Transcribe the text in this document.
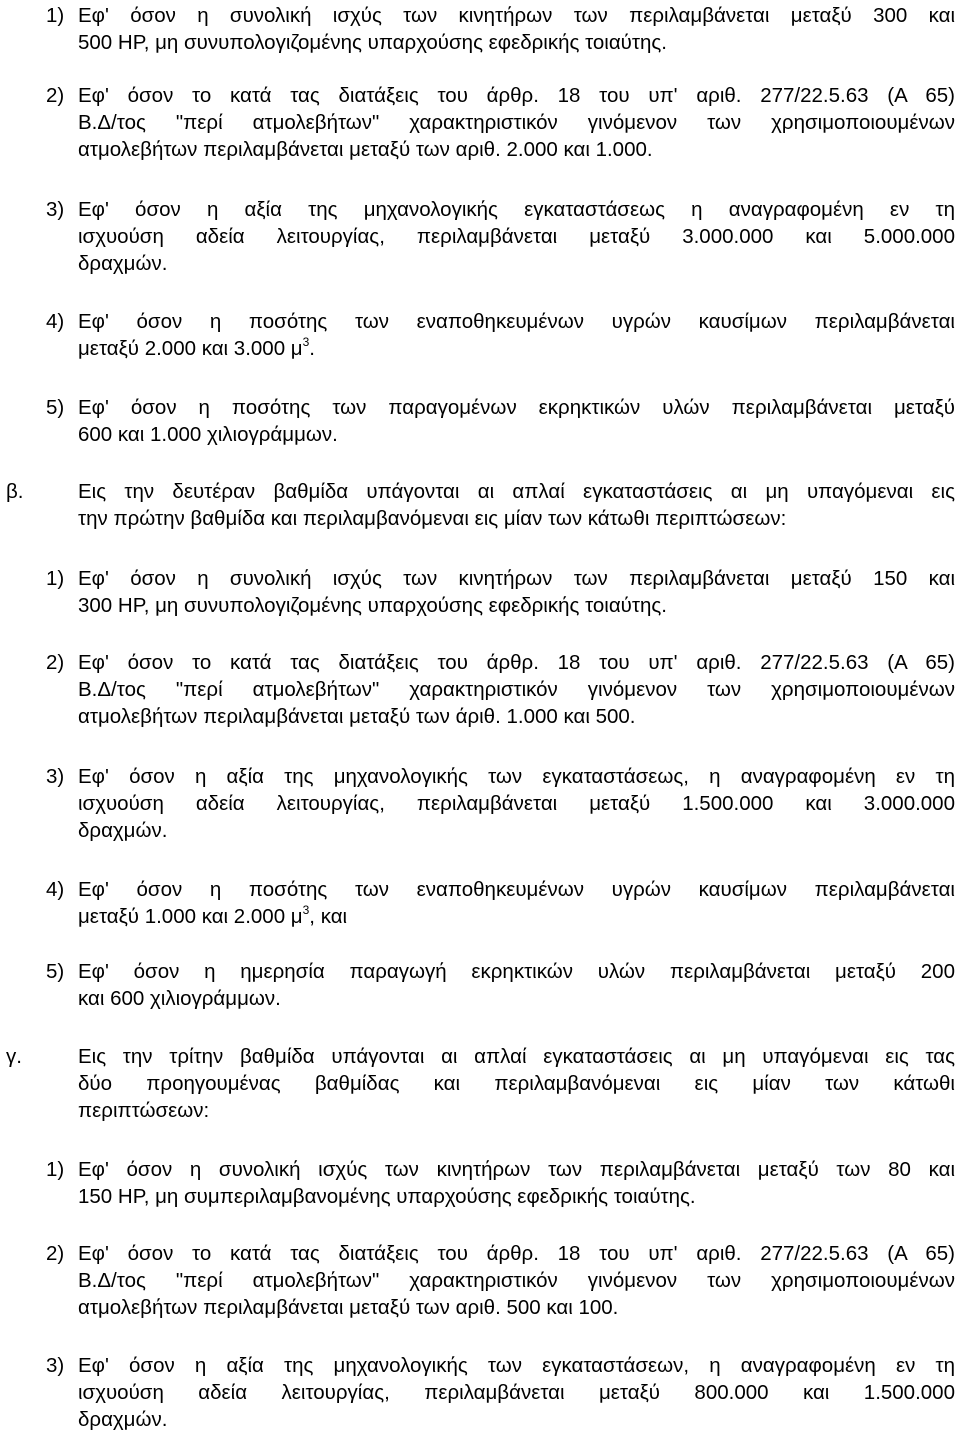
1) Εφ' όσον η συνολική ισχύς των κινητήρων των περιλαμβάνεται μεταξύ 300 και
500 HP, μη συνυπολογιζομένης υπαρχούσης εφεδρικής τοιαύτης.
2) Εφ' όσον το κατά τας διατάξεις του άρθρ. 18 του υπ' αριθ. 277/22.5.63 (Α 65)
Β.Δ/τος "περί ατμολεβήτων" χαρακτηριστικόν γινόμενον των χρησιμοποιουμένων
ατμολεβήτων περιλαμβάνεται μεταξύ των αριθ. 2.000 και 1.000.
3) Εφ' όσον η αξία της μηχανολογικής εγκαταστάσεως η αναγραφομένη εν τη
ισχυούση αδεία λειτουργίας, περιλαμβάνεται μεταξύ 3.000.000 και 5.000.000
δραχμών.
4) Εφ' όσον η ποσότης των εναποθηκευμένων υγρών καυσίμων περιλαμβάνεται
μεταξύ 2.000 και 3.000 $\mu^3$.
5) Εφ' όσον η ποσότης των παραγομένων εκρηκτικών υλών περιλαμβάνεται μεταξύ
600 και 1.000 χιλιογράμμων.
β.	Εις την δευτέραν βαθμίδα υπάγονται αι απλαί εγκαταστάσεις αι μη υπαγόμεναι εις
την πρώτην βαθμίδα και περιλαμβανόμεναι εις μίαν των κάτωθι περιπτώσεων:
1) Εφ' όσον η συνολική ισχύς των κινητήρων των περιλαμβάνεται μεταξύ 150 και
300 HP, μη συνυπολογιζομένης υπαρχούσης εφεδρικής τοιαύτης.
2) Εφ' όσον το κατά τας διατάξεις του άρθρ. 18 του υπ' αριθ. 277/22.5.63 (Α 65)
Β.Δ/τος "περί ατμολεβήτων" χαρακτηριστικόν γινόμενον των χρησιμοποιουμένων
ατμολεβήτων περιλαμβάνεται μεταξύ των άριθ. 1.000 και 500.
3) Εφ' όσον η αξία της μηχανολογικής των εγκαταστάσεως, η αναγραφομένη εν τη
ισχυούση αδεία λειτουργίας, περιλαμβάνεται μεταξύ 1.500.000 και 3.000.000
δραχμών.
4) Εφ' όσον η ποσότης των εναποθηκευμένων υγρών καυσίμων περιλαμβάνεται
μεταξύ 1.000 και 2.000 $\mu^3$, και
5) Εφ' όσον η ημερησία παραγωγή εκρηκτικών υλών περιλαμβάνεται μεταξύ 200
και 600 χιλιογράμμων.
γ.	Εις την τρίτην βαθμίδα υπάγονται αι απλαί εγκαταστάσεις αι μη υπαγόμεναι εις τας
δύο προηγουμένας βαθμίδας και περιλαμβανόμεναι εις μίαν των κάτωθι
περιπτώσεων:
1) Εφ' όσον η συνολική ισχύς των κινητήρων των περιλαμβάνεται μεταξύ των 80 και
150 HP, μη συμπεριλαμβανομένης υπαρχούσης εφεδρικής τοιαύτης.
2) Εφ' όσον το κατά τας διατάξεις του άρθρ. 18 του υπ' αριθ. 277/22.5.63 (Α 65)
Β.Δ/τος "περί ατμολεβήτων" χαρακτηριστικόν γινόμενον των χρησιμοποιουμένων
ατμολεβήτων περιλαμβάνεται μεταξύ των αριθ. 500 και 100.
3) Εφ' όσον η αξία της μηχανολογικής των εγκαταστάσεων, η αναγραφομένη εν τη
ισχυούση αδεία λειτουργίας, περιλαμβάνεται μεταξύ 800.000 και 1.500.000
δραχμών.
